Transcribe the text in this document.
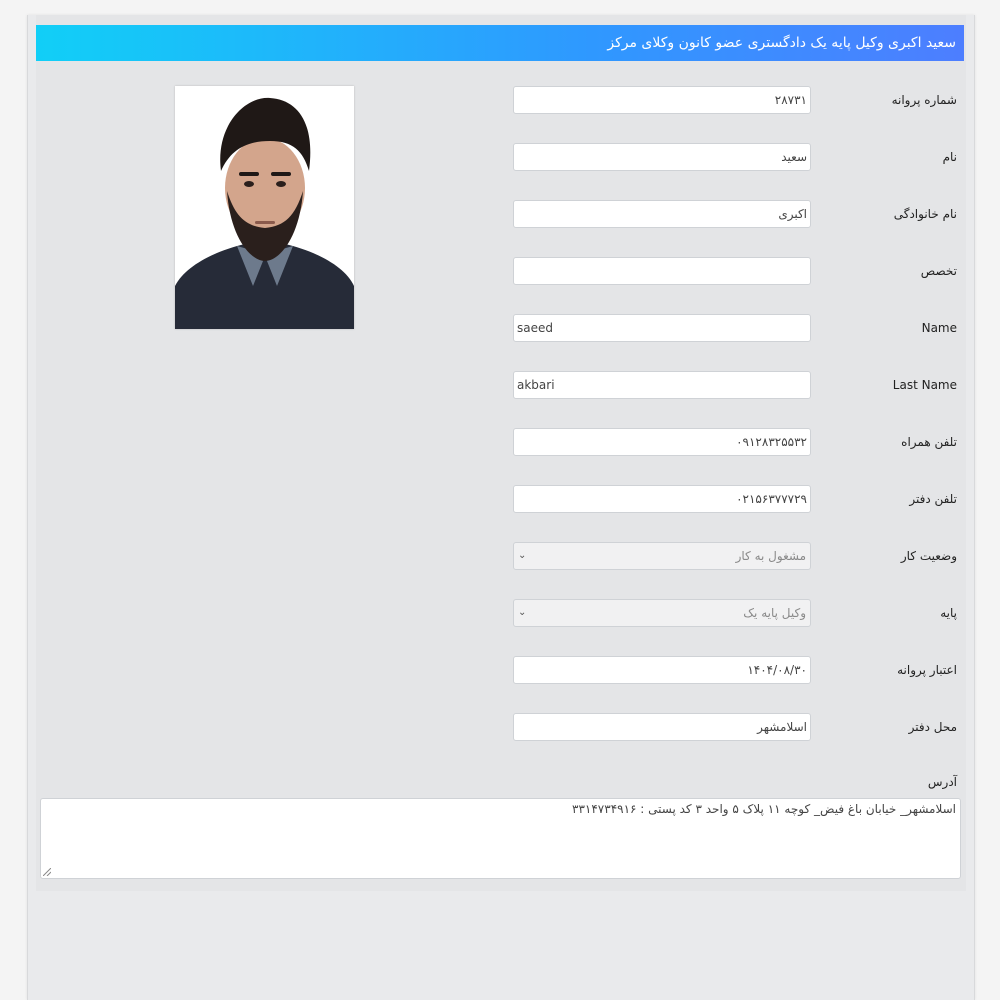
سعید اکبری وکیل پایه یک دادگستری عضو کانون وکلای مرکز
شماره پروانه
۲۸۷۳۱
نام
سعید
نام خانوادگی
اکبری
تخصص
Name
saeed
Last Name
akbari
تلفن همراه
۰۹۱۲۸۳۲۵۵۳۲
تلفن دفتر
۰۲۱۵۶۳۷۷۷۲۹
وضعیت کار
مشغول به کار
⌄
پایه
وکیل پایه یک
⌄
اعتبار پروانه
۱۴۰۴/۰۸/۳۰
محل دفتر
اسلامشهر
آدرس
اسلامشهر_ خیابان باغ فیض_ کوچه ۱۱ پلاک ۵ واحد ۳ کد پستی : ۳۳۱۴۷۳۴۹۱۶
